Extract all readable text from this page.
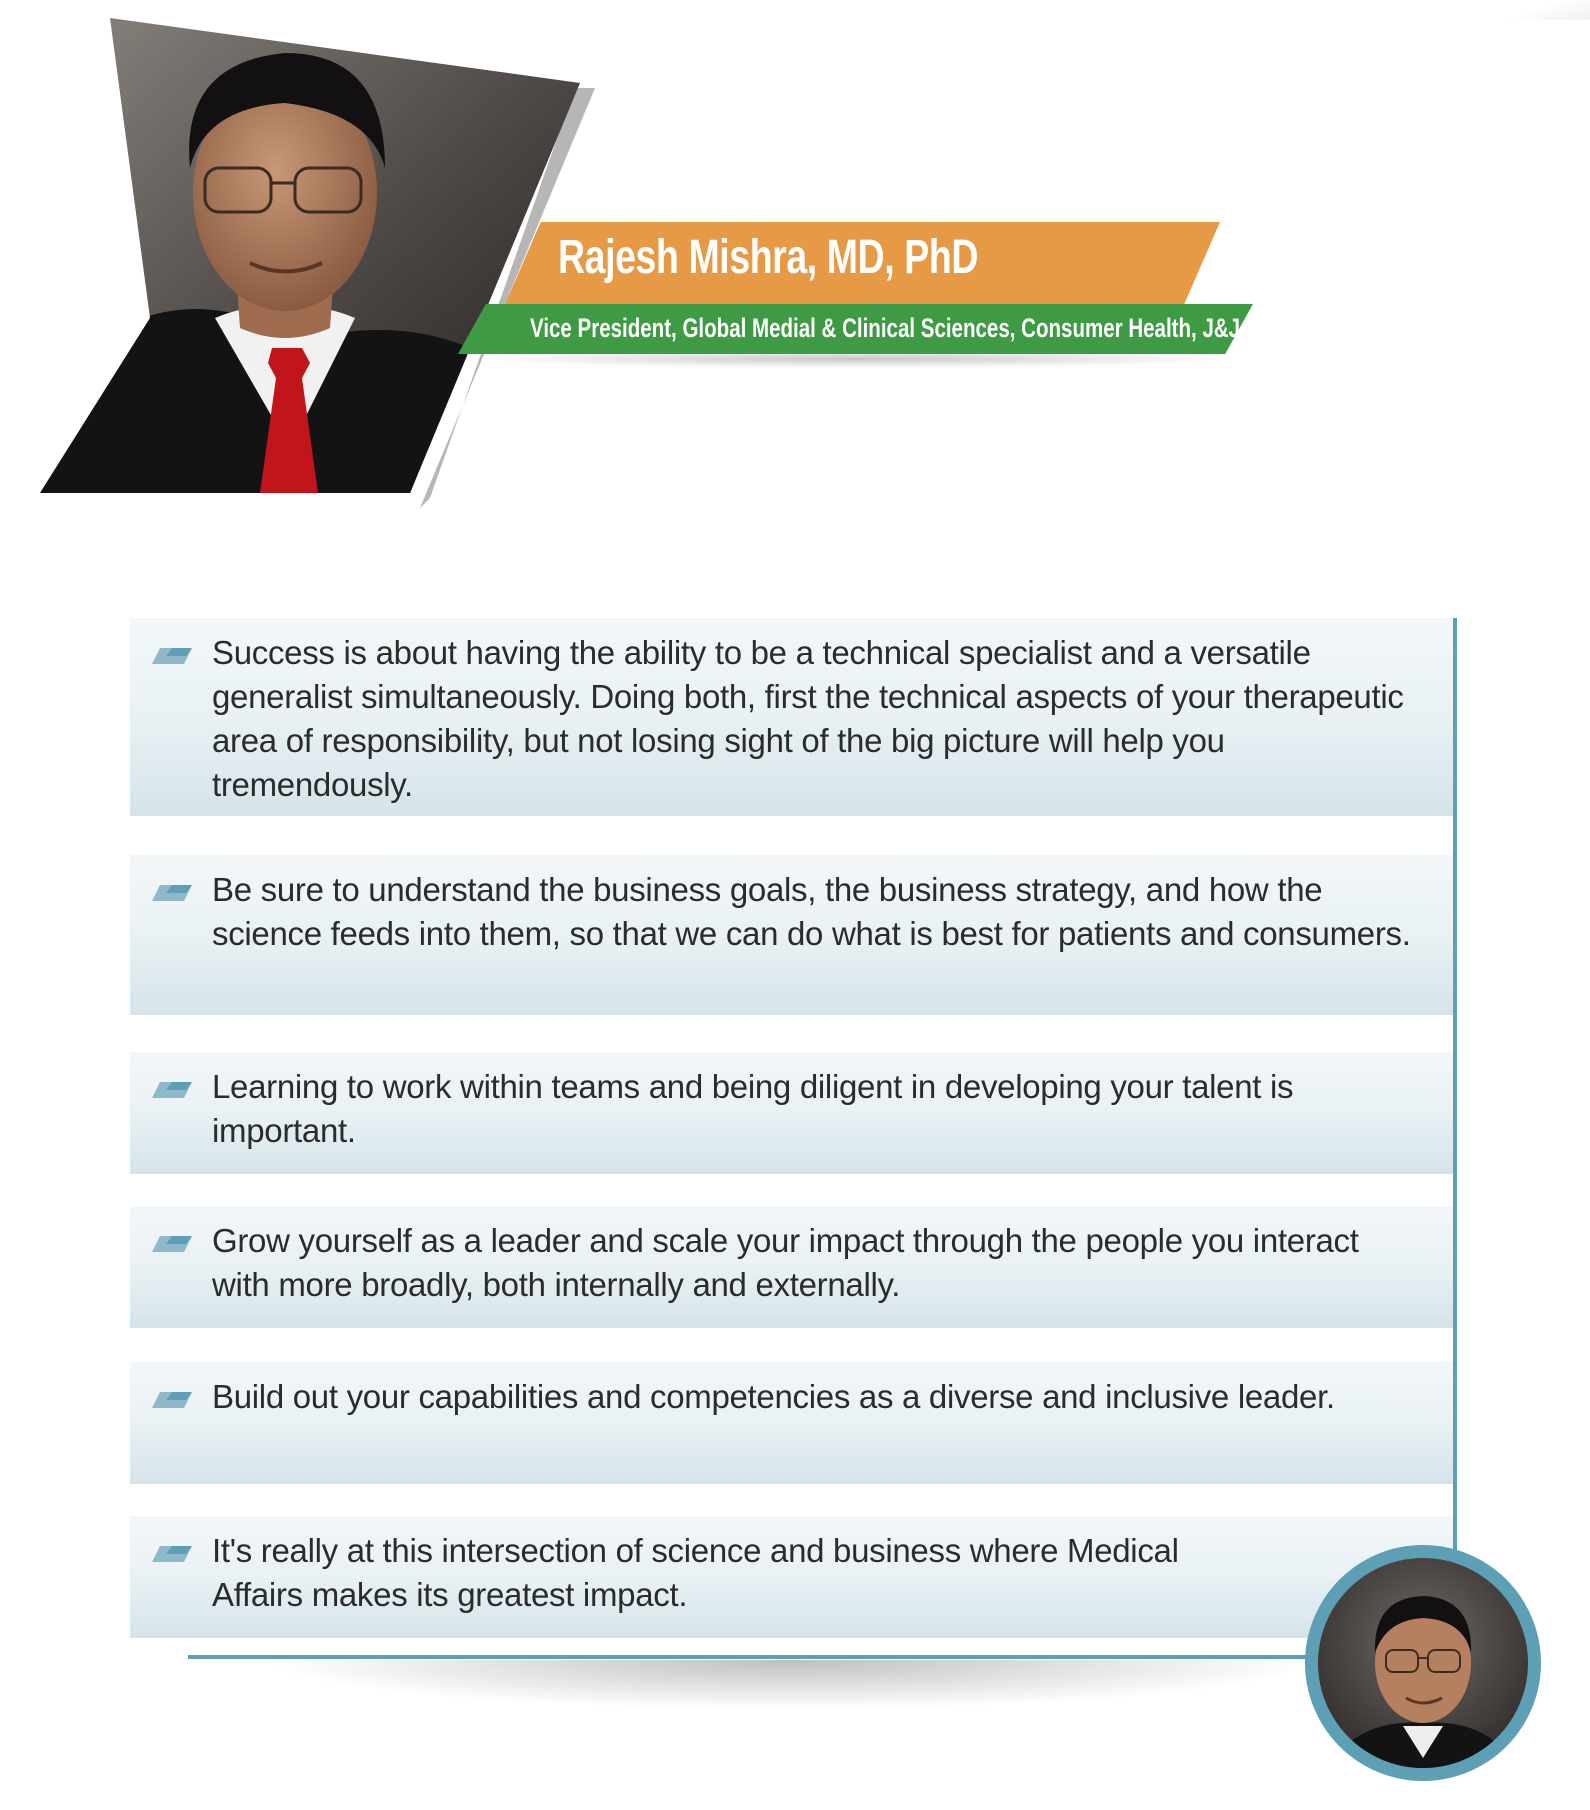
Rajesh Mishra, MD, PhD
Vice President, Global Medial & Clinical Sciences, Consumer Health, J&J
Success is about having the ability to be a technical specialist and a versatile generalist simultaneously. Doing both, first the technical aspects of your therapeutic area of responsibility, but not losing sight of the big picture will help you tremendously.
Be sure to understand the business goals, the business strategy, and how the science feeds into them, so that we can do what is best for patients and consumers.
Learning to work within teams and being diligent in developing your talent is important.
Grow yourself as a leader and scale your impact through the people you interact with more broadly, both internally and externally.
Build out your capabilities and competencies as a diverse and inclusive leader.
It's really at this intersection of science and business where Medical Affairs makes its greatest impact.
